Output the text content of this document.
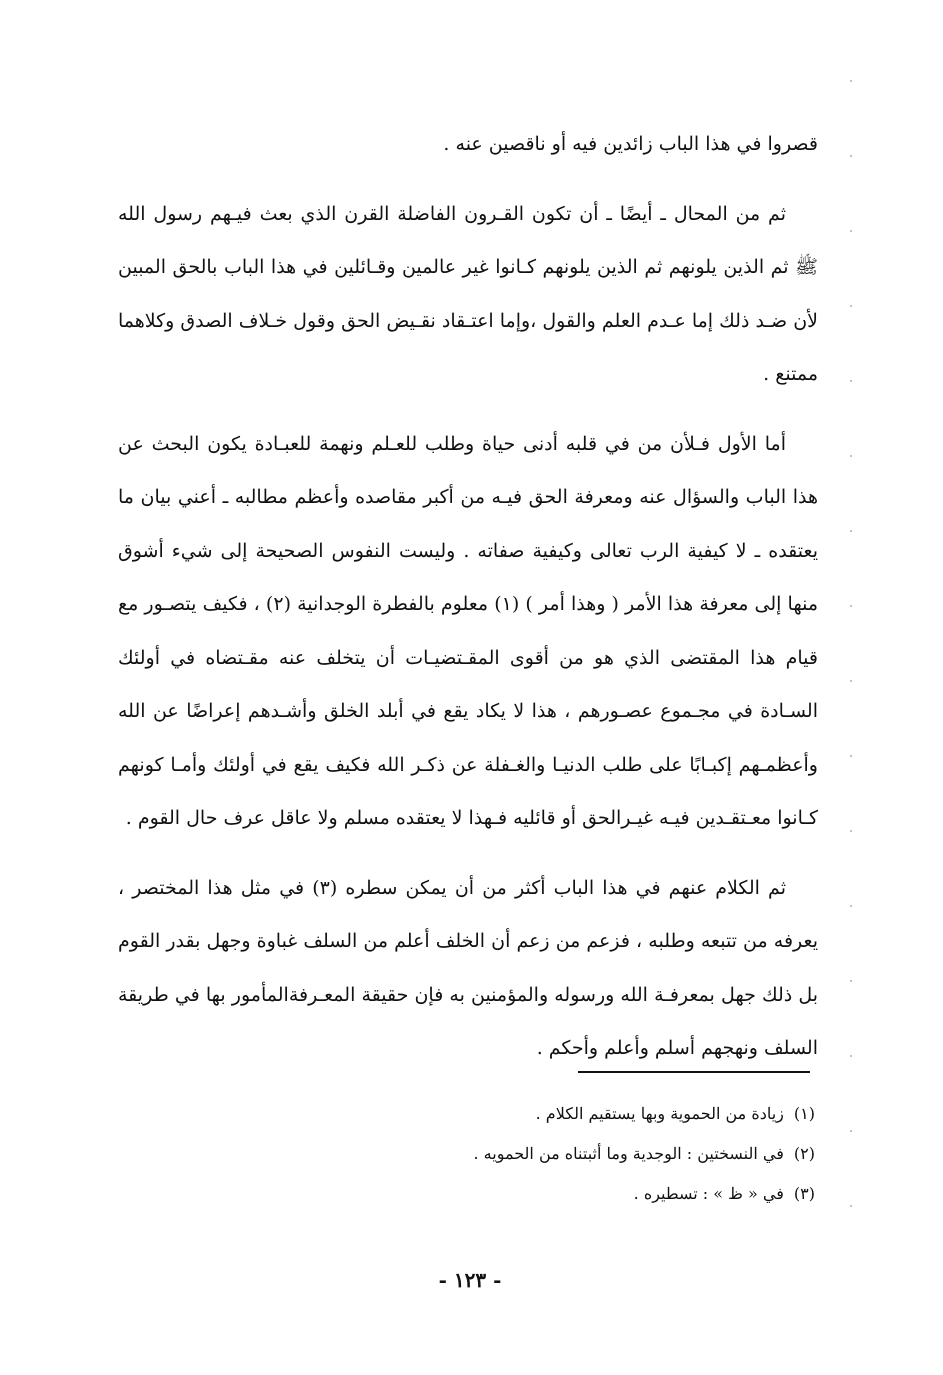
قصروا في هذا الباب زائدين فيه أو ناقصين عنه .

ثم من المحال ـ أيضًا ـ أن تكون القـرون الفاضلة القرن الذي بعث فيـهم رسول الله ﷺ ثم الذين يلونهم ثم الذين يلونهم كـانوا غير عالمين وقـائلين في هذا الباب بالحق المبين لأن ضـد ذلك إما عـدم العلم والقول ،وإما اعتـقاد نقـيض الحق وقول خـلاف الصدق وكلاهما ممتنع .

أما الأول فـلأن من في قلبه أدنى حياة وطلب للعـلم ونهمة للعبـادة يكون البحث عن هذا الباب والسؤال عنه ومعرفة الحق فيـه من أكبر مقاصده وأعظم مطالبه ـ أعني بيان ما يعتقده ـ لا كيفية الرب تعالى وكيفية صفاته . وليست النفوس الصحيحة إلى شيء أشوق منها إلى معرفة هذا الأمر ( وهذا أمر ) (١) معلوم بالفطرة الوجدانية (٢) ، فكيف يتصـور مع قيام هذا المقتضى الذي هو من أقوى المقـتضيـات أن يتخلف عنه مقـتضاه في أولئك السـادة في مجـموع عصـورهم ، هذا لا يكاد يقع في أبلد الخلق وأشـدهم إعراضًا عن الله وأعظمـهم إكبـابًا على طلب الدنيـا والغـفلة عن ذكـر الله فكيف يقع في أولئك وأمـا كونهم كـانوا معـتقـدين فيـه غيـرالحق أو قائليه فـهذا لا يعتقده مسلم ولا عاقل عرف حال القوم .

ثم الكلام عنهم في هذا الباب أكثر من أن يمكن سطره (٣) في مثل هذا المختصر ، يعرفه من تتبعه وطلبه ، فزعم من زعم أن الخلف أعلم من السلف غباوة وجهل بقدر القوم بل ذلك جهل بمعرفـة الله ورسوله والمؤمنين به فإن حقيقة المعـرفةالمأمور بها في طريقة السلف ونهجهم أسلم وأعلم وأحكم .

(١)زيادة من الحموية وبها يستقيم الكلام .
(٢)في النسختين : الوجدية وما أثبتناه من الحمويه .
(٣)في « ظ » : تسطيره .
- ١٢٣ -
